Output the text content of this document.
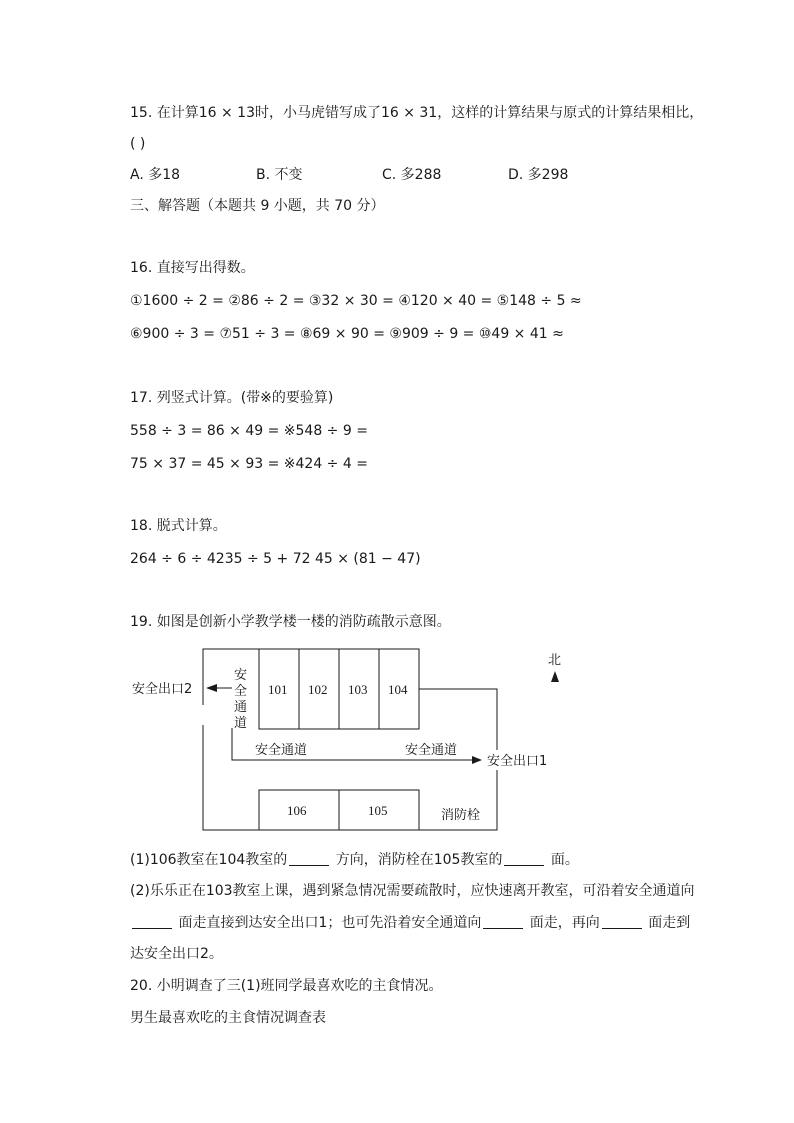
15. 在计算16 × 13时，小马虎错写成了16 × 31，这样的计算结果与原式的计算结果相比，
( )
A. 多18	B. 不变	C. 多288	D. 多298
三、解答题（本题共 9 小题，共 70 分）
16. 直接写出得数。
①1600 ÷ 2 = ②86 ÷ 2 = ③32 × 30 = ④120 × 40 = ⑤148 ÷ 5 ≈
⑥900 ÷ 3 = ⑦51 ÷ 3 = ⑧69 × 90 = ⑨909 ÷ 9 = ⑩49 × 41 ≈
17. 列竖式计算。(带※的要验算)
558 ÷ 3 = 86 × 49 = ※548 ÷ 9 =
75 × 37 = 45 × 93 = ※424 ÷ 4 =
18. 脱式计算。
264 ÷ 6 ÷ 4235 ÷ 5 + 72 45 × (81 − 47)
19. 如图是创新小学教学楼一楼的消防疏散示意图。
北
安全出口2
安全出口1
安
全
通
道
安全通道	安全通道
101 102 103 104
106	105	消防栓
(1)106教室在104教室的	方向，消防栓在105教室的	面。
(2)乐乐正在103教室上课，遇到紧急情况需要疏散时，应快速离开教室，可沿着安全通道向
面走直接到达安全出口1；也可先沿着安全通道向	面走，再向	面走到
达安全出口2。
20. 小明调查了三(1)班同学最喜欢吃的主食情况。
男生最喜欢吃的主食情况调查表
